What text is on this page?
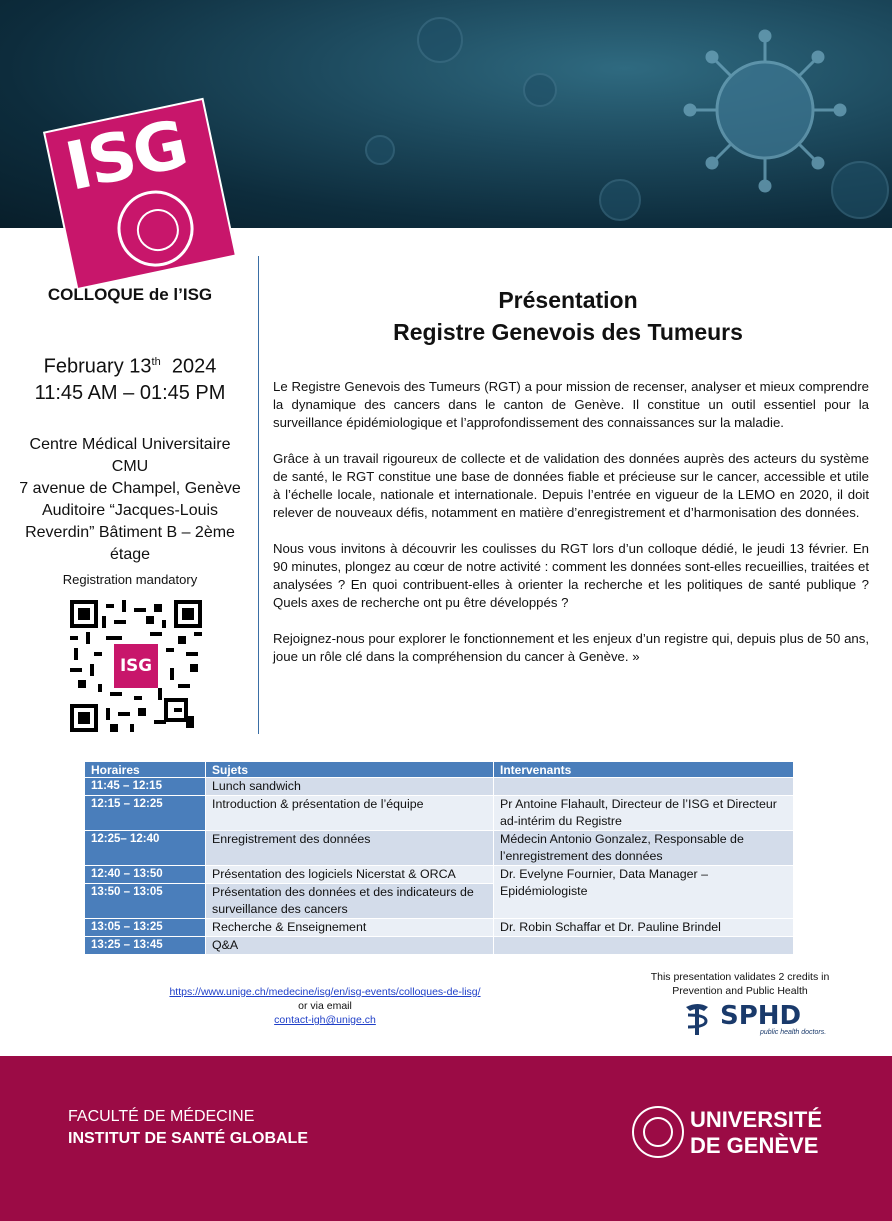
ISG
COLLOQUE de l’ISG
February 13th 2024
11:45 AM – 01:45 PM
Centre Médical Universitaire
CMU
7 avenue de Champel, Genève
Auditoire “Jacques-Louis
Reverdin” Bâtiment B – 2ème
étage
Registration mandatory
ISG
Présentation
Registre Genevois des Tumeurs

Le Registre Genevois des Tumeurs (RGT) a pour mission de recenser, analyser et mieux comprendre la dynamique des cancers dans le canton de Genève. Il constitue un outil essentiel pour la surveillance épidémiologique et l’approfondissement des connaissances sur la maladie.

Grâce à un travail rigoureux de collecte et de validation des données auprès des acteurs du système de santé, le RGT constitue une base de données fiable et précieuse sur le cancer, accessible et utile à l’échelle locale, nationale et internationale. Depuis l’entrée en vigueur de la LEMO en 2020, il doit relever de nouveaux défis, notamment en matière d’enregistrement et d’harmonisation des données.

Nous vous invitons à découvrir les coulisses du RGT lors d’un colloque dédié, le jeudi 13 février. En 90 minutes, plongez au cœur de notre activité : comment les données sont-elles recueillies, traitées et analysées ? En quoi contribuent-elles à orienter la recherche et les politiques de santé publique ? Quels axes de recherche ont pu être développés ?

Rejoignez-nous pour explorer le fonctionnement et les enjeux d’un registre qui, depuis plus de 50 ans, joue un rôle clé dans la compréhension du cancer à Genève. »

Horaires	Sujets	Intervenants
11:45 – 12:15	Lunch sandwich	
12:15 – 12:25	Introduction & présentation de l’équipe	Pr Antoine Flahault, Directeur de l’ISG et Directeur ad-intérim du Registre
12:25– 12:40	Enregistrement des données	Médecin Antonio Gonzalez, Responsable de l’enregistrement des données
12:40 – 13:50	Présentation des logiciels Nicerstat & ORCA	Dr. Evelyne Fournier, Data Manager – Epidémiologiste
13:50 – 13:05	Présentation des données et des indicateurs de surveillance des cancers	
13:05 – 13:25	Recherche & Enseignement	Dr. Robin Schaffar et Dr. Pauline Brindel
13:25 – 13:45	Q&A	
https://www.unige.ch/medecine/isg/en/isg-events/colloques-de-lisg/
or via email
contact-igh@unige.ch
This presentation validates 2 credits in
Prevention and Public Health
SPHD
public health doctors.
FACULTÉ DE MÉDECINE
INSTITUT DE SANTÉ GLOBALE
UNIVERSITÉ
DE GENÈVE
